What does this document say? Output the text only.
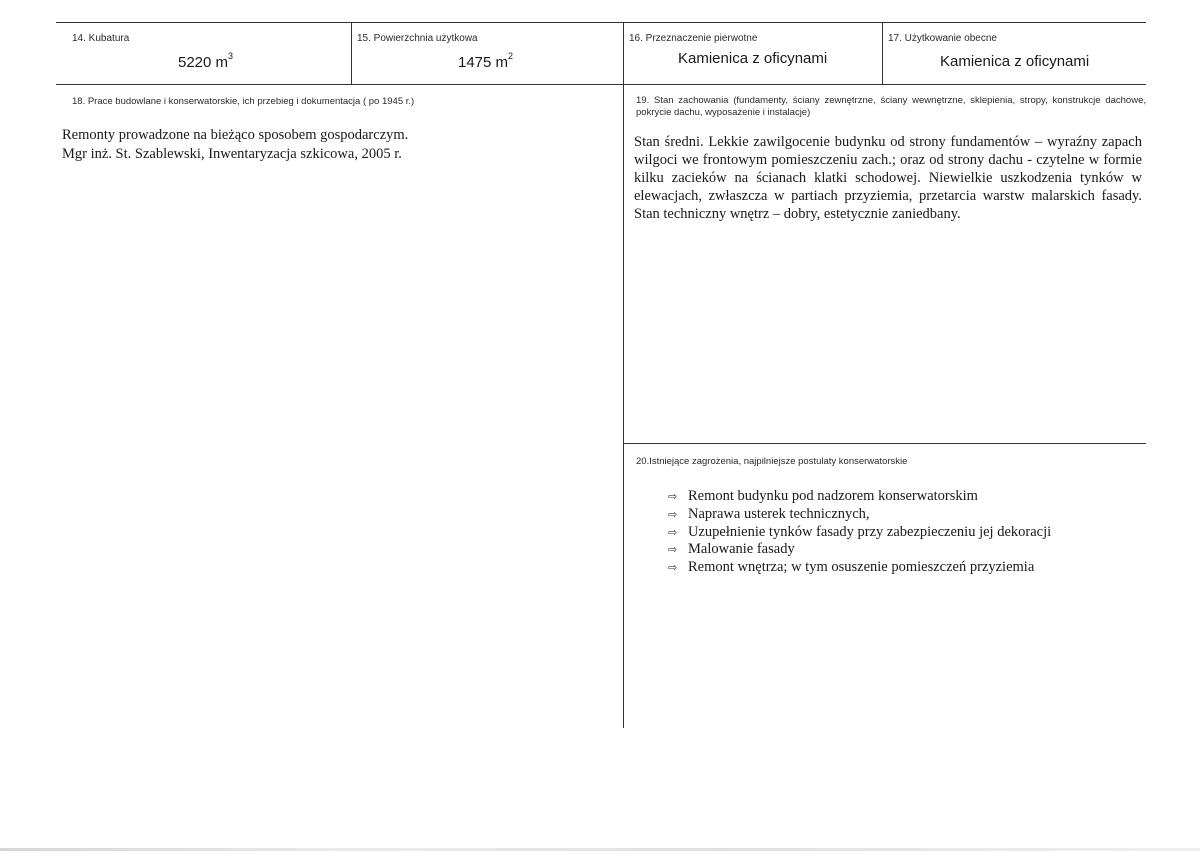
14. Kubatura
5220 $m^3$
15. Powierzchnia użytkowa
1475 $m^2$
16. Przeznaczenie pierwotne
Kamienica z oficynami
17. Użytkowanie obecne
Kamienica z oficynami
18. Prace budowlane i konserwatorskie, ich przebieg i dokumentacja ( po 1945 r.)
Remonty prowadzone na bieżąco sposobem gospodarczym.
Mgr inż. St. Szablewski, Inwentaryzacja szkicowa, 2005 r.
19. Stan zachowania (fundamenty, ściany zewnętrzne, ściany wewnętrzne, sklepienia, stropy, konstrukcje dachowe, pokrycie dachu, wyposażenie i instalacje)
Stan średni. Lekkie zawilgocenie budynku od strony fundamentów – wyraźny zapach wilgoci we frontowym pomieszczeniu zach.; oraz od strony dachu - czytelne w formie kilku zacieków na ścianach klatki schodowej. Niewielkie uszkodzenia tynków w elewacjach, zwłaszcza w partiach przyziemia, przetarcia warstw malarskich fasady. Stan techniczny wnętrz – dobry, estetycznie zaniedbany.
20.Istniejące zagrożenia, najpilniejsze postulaty konserwatorskie
⇨ Remont budynku pod nadzorem konserwatorskim
⇨ Naprawa usterek technicznych,
⇨ Uzupełnienie tynków fasady przy zabezpieczeniu jej dekoracji
⇨ Malowanie fasady
⇨ Remont wnętrza; w tym osuszenie pomieszczeń przyziemia
